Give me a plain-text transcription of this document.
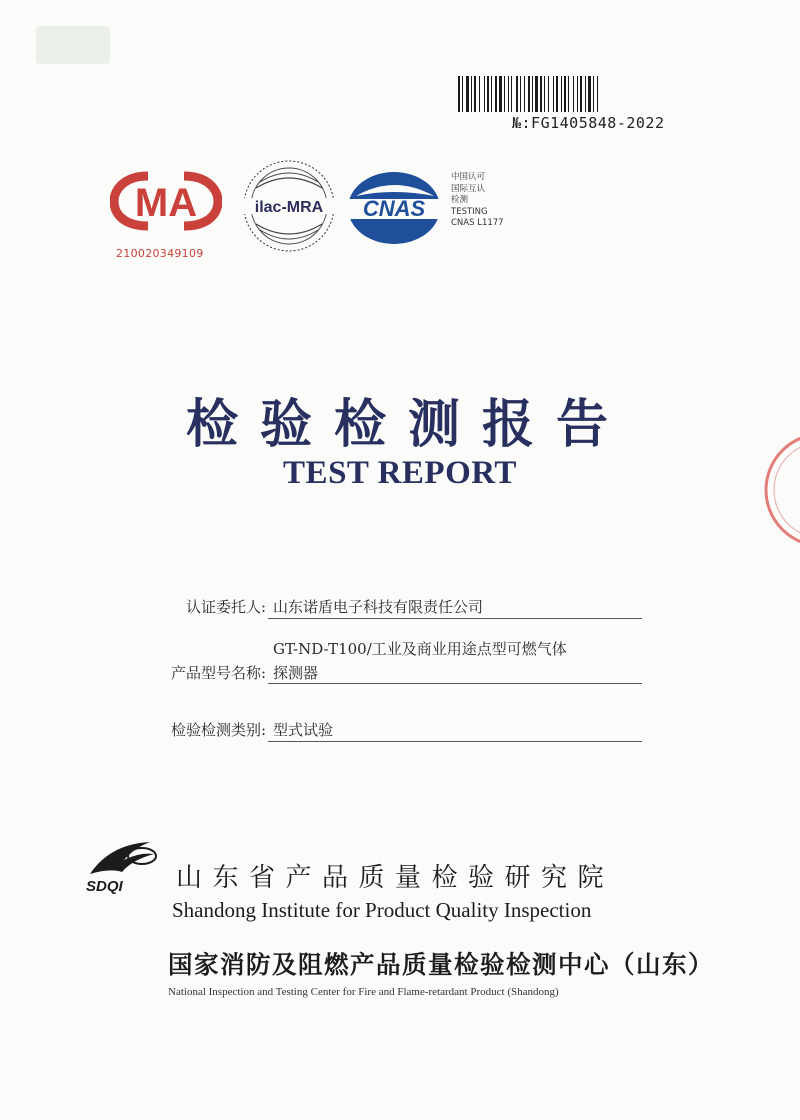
№:FG1405848-2022
MA
210020349109
ilac-MRA CNAS
中国认可
国际互认
检测
TESTING
CNAS L1177
检验检测报告
TEST REPORT
认证委托人: 山东诺盾电子科技有限责任公司
GT-ND-T100/工业及商业用途点型可燃气体
产品型号名称: 探测器
检验检测类别: 型式试验
SDQI 山东省产品质量检验研究院
Shandong Institute for Product Quality Inspection
国家消防及阻燃产品质量检验检测中心（山东）
National Inspection and Testing Center for Fire and Flame-retardant Product (Shandong)
